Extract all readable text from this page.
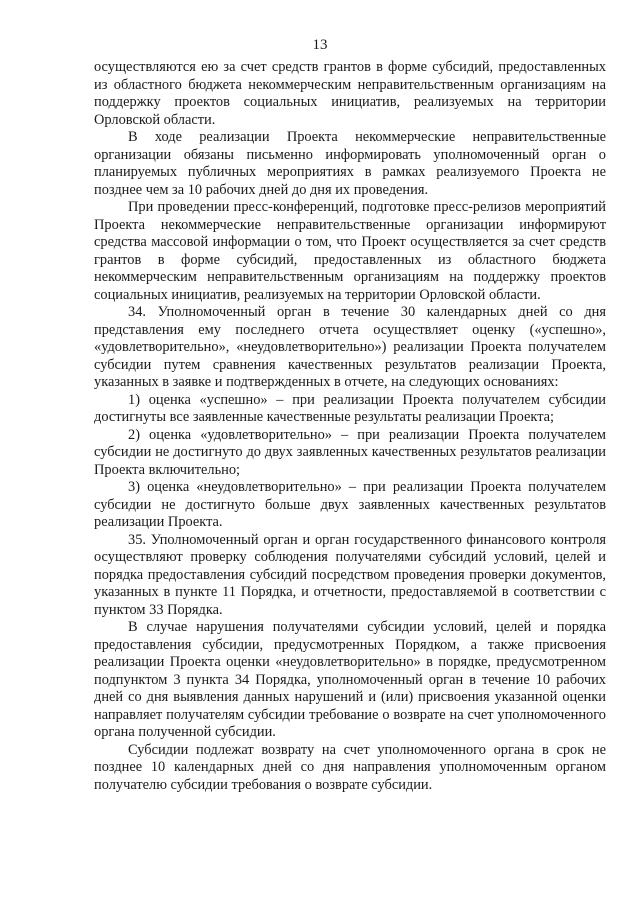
13

осуществляются ею за счет средств грантов в форме субсидий, предоставленных из областного бюджета некоммерческим неправительственным организациям на поддержку проектов социальных инициатив, реализуемых на территории Орловской области.

В ходе реализации Проекта некоммерческие неправительственные организации обязаны письменно информировать уполномоченный орган о планируемых публичных мероприятиях в рамках реализуемого Проекта не позднее чем за 10 рабочих дней до дня их проведения.

При проведении пресс-конференций, подготовке пресс-релизов мероприятий Проекта некоммерческие неправительственные организации информируют средства массовой информации о том, что Проект осуществляется за счет средств грантов в форме субсидий, предоставленных из областного бюджета некоммерческим неправительственным организациям на поддержку проектов социальных инициатив, реализуемых на территории Орловской области.

34. Уполномоченный орган в течение 30 календарных дней со дня представления ему последнего отчета осуществляет оценку («успешно», «удовлетворительно», «неудовлетворительно») реализации Проекта получателем субсидии путем сравнения качественных результатов реализации Проекта, указанных в заявке и подтвержденных в отчете, на следующих основаниях:

1) оценка «успешно» – при реализации Проекта получателем субсидии достигнуты все заявленные качественные результаты реализации Проекта;

2) оценка «удовлетворительно» – при реализации Проекта получателем субсидии не достигнуто до двух заявленных качественных результатов реализации Проекта включительно;

3) оценка «неудовлетворительно» – при реализации Проекта получателем субсидии не достигнуто больше двух заявленных качественных результатов реализации Проекта.

35. Уполномоченный орган и орган государственного финансового контроля осуществляют проверку соблюдения получателями субсидий условий, целей и порядка предоставления субсидий посредством проведения проверки документов, указанных в пункте 11 Порядка, и отчетности, предоставляемой в соответствии с пунктом 33 Порядка.

В случае нарушения получателями субсидии условий, целей и порядка предоставления субсидии, предусмотренных Порядком, а также присвоения реализации Проекта оценки «неудовлетворительно» в порядке, предусмотренном подпунктом 3 пункта 34 Порядка, уполномоченный орган в течение 10 рабочих дней со дня выявления данных нарушений и (или) присвоения указанной оценки направляет получателям субсидии требование о возврате на счет уполномоченного органа полученной субсидии.

Субсидии подлежат возврату на счет уполномоченного органа в срок не позднее 10 календарных дней со дня направления уполномоченным органом получателю субсидии требования о возврате субсидии.
